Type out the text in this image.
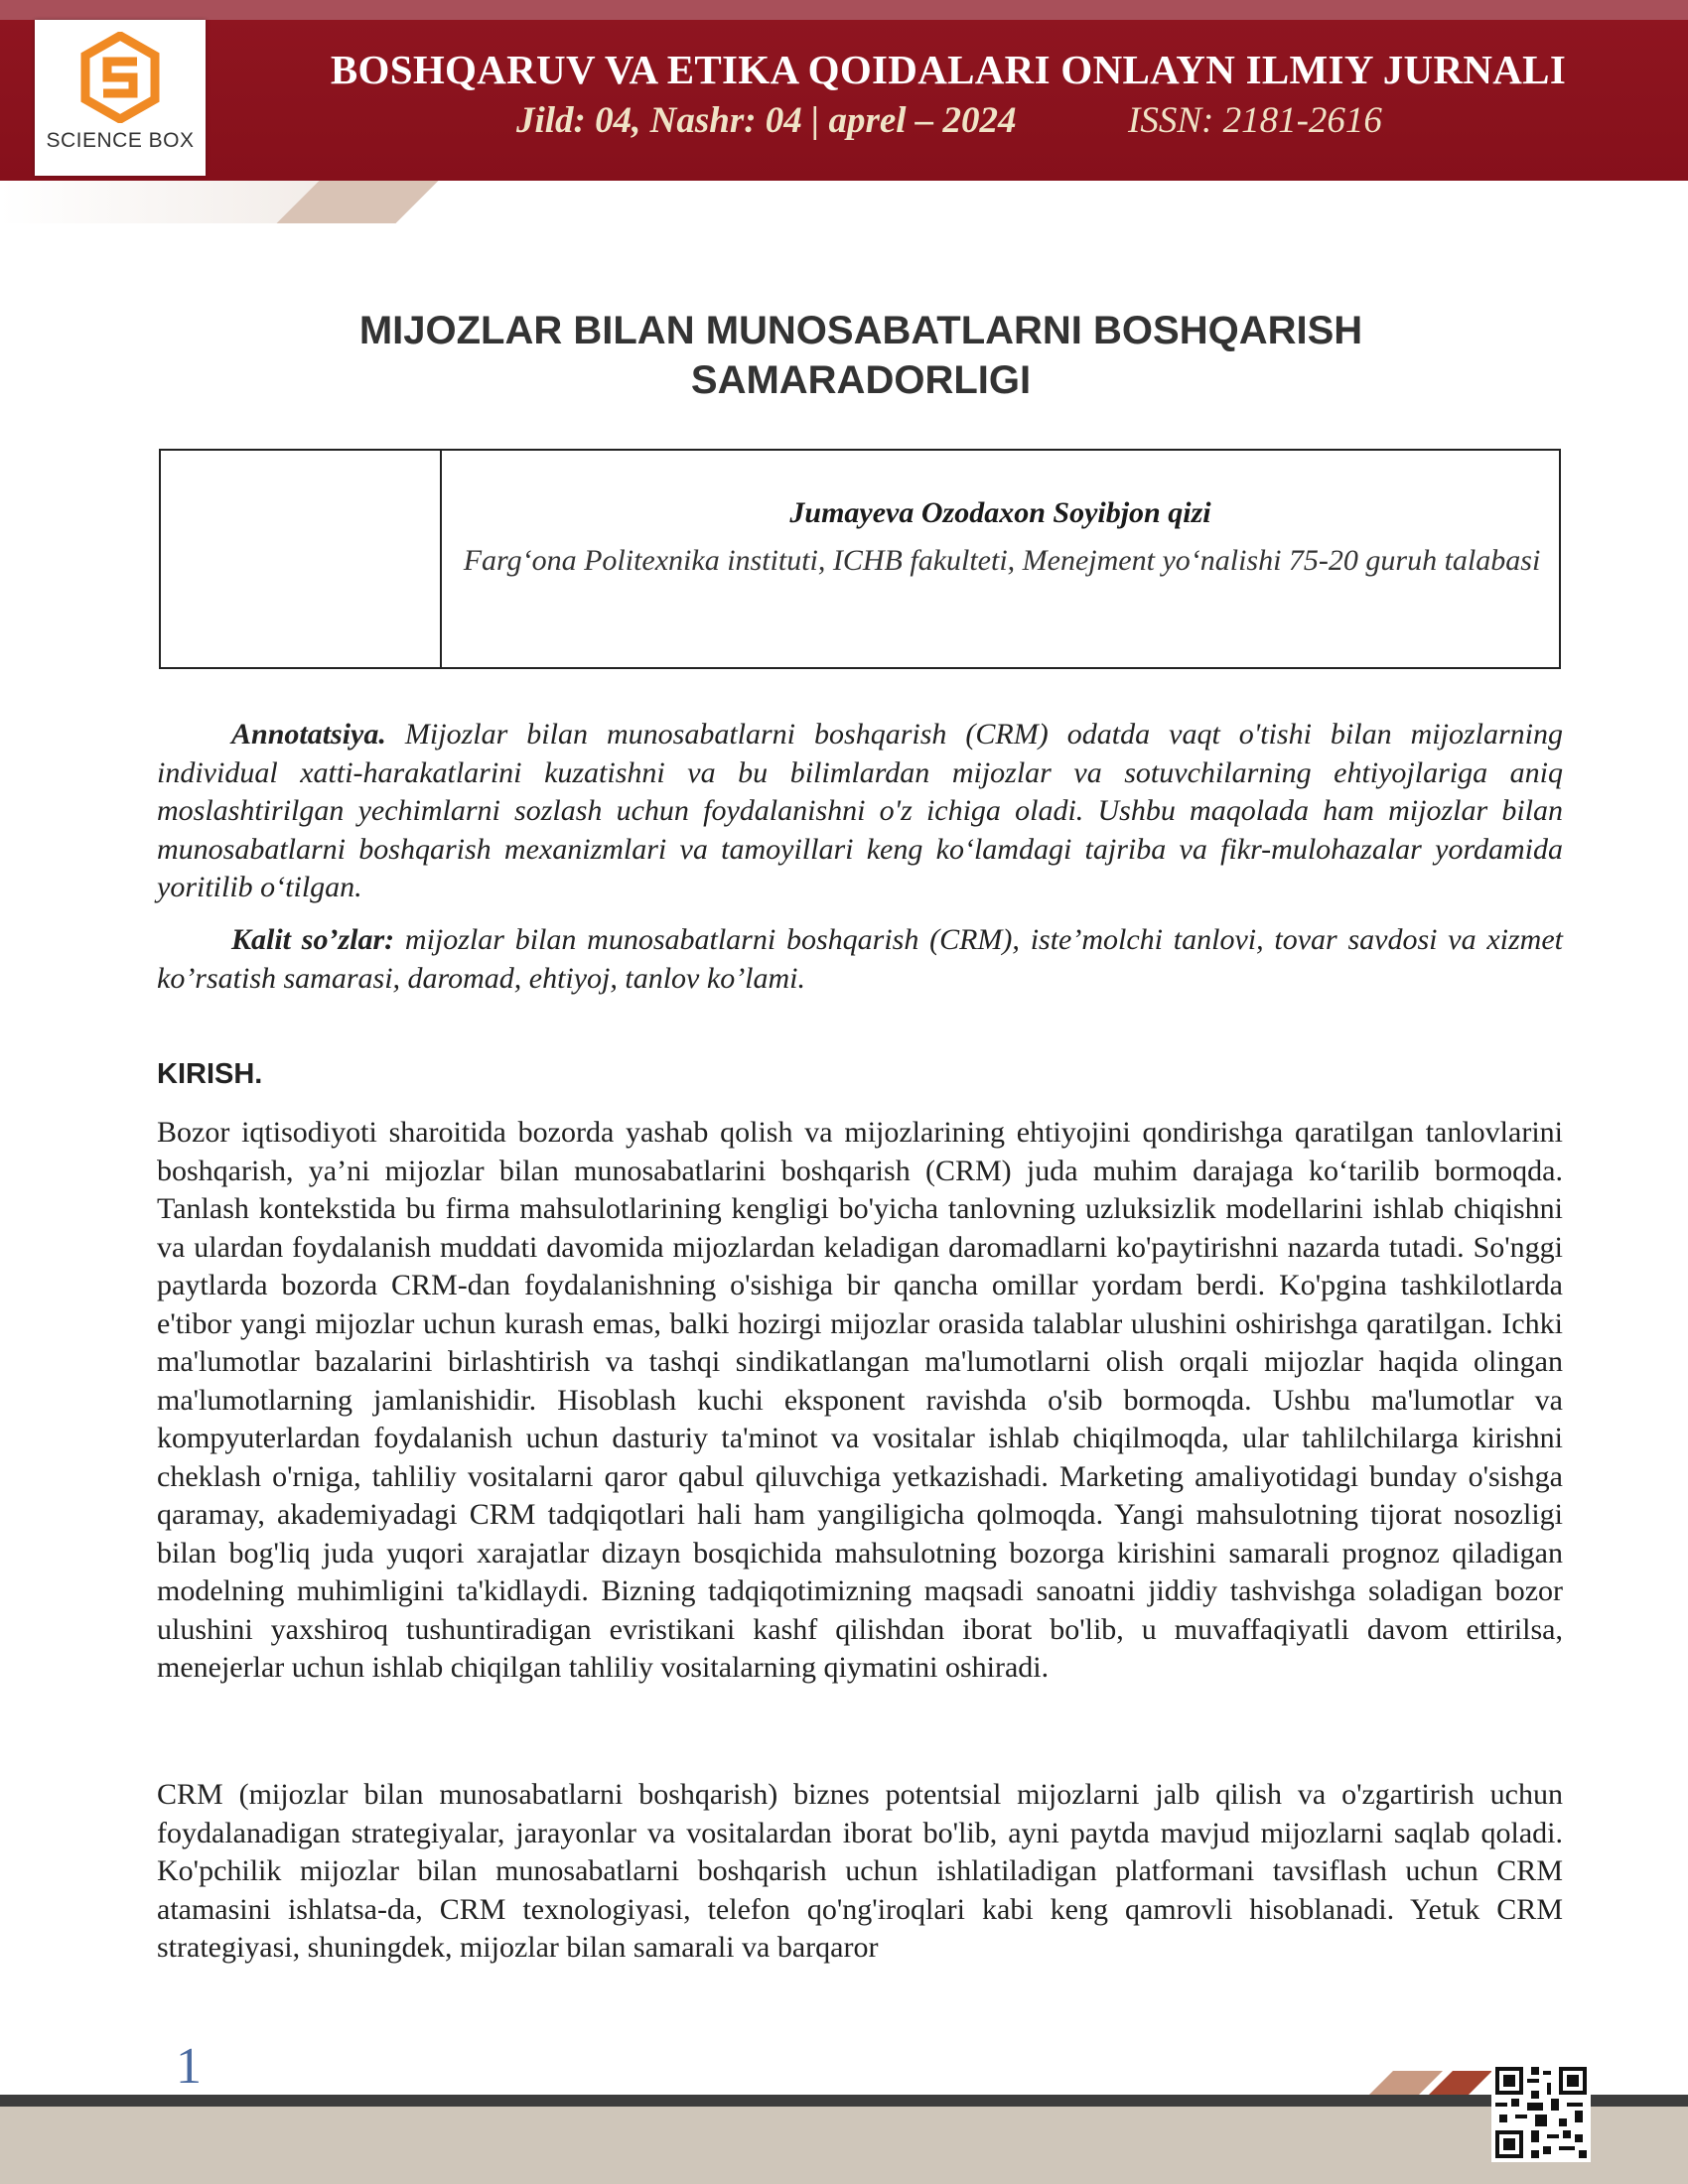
SCIENCE BOX
BOSHQARUV VA ETIKA QOIDALARI ONLAYN ILMIY JURNALI
Jild: 04, Nashr: 04 | aprel – 2024	ISSN: 2181-2616
MIJOZLAR BILAN MUNOSABATLARNI BOSHQARISH
SAMARADORLIGI
Jumayeva Ozodaxon Soyibjon qizi
Farg‘ona Politexnika instituti, ICHB fakulteti, Menejment yo‘nalishi 75-20 guruh talabasi
Annotatsiya. Mijozlar bilan munosabatlarni boshqarish (CRM) odatda vaqt o'tishi bilan mijozlarning individual xatti-harakatlarini kuzatishni va bu bilimlardan mijozlar va sotuvchilarning ehtiyojlariga aniq moslashtirilgan yechimlarni sozlash uchun foydalanishni o'z ichiga oladi. Ushbu maqolada ham mijozlar bilan munosabatlarni boshqarish mexanizmlari va tamoyillari keng ko‘lamdagi tajriba va fikr-mulohazalar yordamida yoritilib o‘tilgan.
Kalit so’zlar: mijozlar bilan munosabatlarni boshqarish (CRM), iste’molchi tanlovi, tovar savdosi va xizmet ko’rsatish samarasi, daromad, ehtiyoj, tanlov ko’lami.
KIRISH.
Bozor iqtisodiyoti sharoitida bozorda yashab qolish va mijozlarining ehtiyojini qondirishga qaratilgan tanlovlarini boshqarish, ya’ni mijozlar bilan munosabatlarini boshqarish (CRM) juda muhim darajaga ko‘tarilib bormoqda. Tanlash kontekstida bu firma mahsulotlarining kengligi bo'yicha tanlovning uzluksizlik modellarini ishlab chiqishni va ulardan foydalanish muddati davomida mijozlardan keladigan daromadlarni ko'paytirishni nazarda tutadi. So'nggi paytlarda bozorda CRM-dan foydalanishning o'sishiga bir qancha omillar yordam berdi. Ko'pgina tashkilotlarda e'tibor yangi mijozlar uchun kurash emas, balki hozirgi mijozlar orasida talablar ulushini oshirishga qaratilgan. Ichki ma'lumotlar bazalarini birlashtirish va tashqi sindikatlangan ma'lumotlarni olish orqali mijozlar haqida olingan ma'lumotlarning jamlanishidir. Hisoblash kuchi eksponent ravishda o'sib bormoqda. Ushbu ma'lumotlar va kompyuterlardan foydalanish uchun dasturiy ta'minot va vositalar ishlab chiqilmoqda, ular tahlilchilarga kirishni cheklash o'rniga, tahliliy vositalarni qaror qabul qiluvchiga yetkazishadi. Marketing amaliyotidagi bunday o'sishga qaramay, akademiyadagi CRM tadqiqotlari hali ham yangiligicha qolmoqda. Yangi mahsulotning tijorat nosozligi bilan bog'liq juda yuqori xarajatlar dizayn bosqichida mahsulotning bozorga kirishini samarali prognoz qiladigan modelning muhimligini ta'kidlaydi. Bizning tadqiqotimizning maqsadi sanoatni jiddiy tashvishga soladigan bozor ulushini yaxshiroq tushuntiradigan evristikani kashf qilishdan iborat bo'lib, u muvaffaqiyatli davom ettirilsa, menejerlar uchun ishlab chiqilgan tahliliy vositalarning qiymatini oshiradi.
CRM (mijozlar bilan munosabatlarni boshqarish) biznes potentsial mijozlarni jalb qilish va o'zgartirish uchun foydalanadigan strategiyalar, jarayonlar va vositalardan iborat bo'lib, ayni paytda mavjud mijozlarni saqlab qoladi. Ko'pchilik mijozlar bilan munosabatlarni boshqarish uchun ishlatiladigan platformani tavsiflash uchun CRM atamasini ishlatsa-da, CRM texnologiyasi, telefon qo'ng'iroqlari kabi keng qamrovli hisoblanadi. Yetuk CRM strategiyasi, shuningdek, mijozlar bilan samarali va barqaror
1
